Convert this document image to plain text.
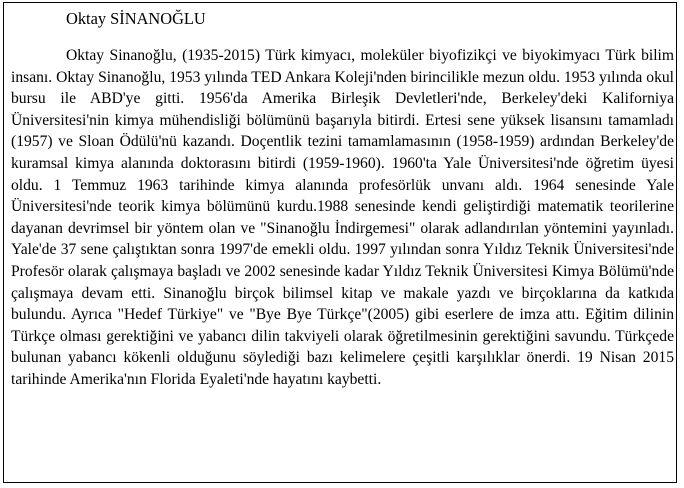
Oktay SİNANOĞLU

Oktay Sinanoğlu, (1935-2015) Türk kimyacı, moleküler biyofizikçi ve biyokimyacı Türk bilim insanı. Oktay Sinanoğlu, 1953 yılında TED Ankara Koleji'nden birincilikle mezun oldu. 1953 yılında okul bursu ile ABD'ye gitti. 1956'da Amerika Birleşik Devletleri'nde, Berkeley'deki Kaliforniya Üniversitesi'nin kimya mühendisliği bölümünü başarıyla bitirdi. Ertesi sene yüksek lisansını tamamladı (1957) ve Sloan Ödülü'nü kazandı. Doçentlik tezini tamamlamasının (1958-1959) ardından Berkeley'de kuramsal kimya alanında doktorasını bitirdi (1959-1960). 1960'ta Yale Üniversitesi'nde öğretim üyesi oldu. 1 Temmuz 1963 tarihinde kimya alanında profesörlük unvanı aldı. 1964 senesinde Yale Üniversitesi'nde teorik kimya bölümünü kurdu.1988 senesinde kendi geliştirdiği matematik teorilerine dayanan devrimsel bir yöntem olan ve "Sinanoğlu İndirgemesi" olarak adlandırılan yöntemini yayınladı. Yale'de 37 sene çalıştıktan sonra 1997'de emekli oldu. 1997 yılından sonra Yıldız Teknik Üniversitesi'nde Profesör olarak çalışmaya başladı ve 2002 senesinde kadar Yıldız Teknik Üniversitesi Kimya Bölümü'nde çalışmaya devam etti. Sinanoğlu birçok bilimsel kitap ve makale yazdı ve birçoklarına da katkıda bulundu. Ayrıca "Hedef Türkiye" ve "Bye Bye Türkçe"(2005) gibi eserlere de imza attı. Eğitim dilinin Türkçe olması gerektiğini ve yabancı dilin takviyeli olarak öğretilmesinin gerektiğini savundu. Türkçede bulunan yabancı kökenli olduğunu söylediği bazı kelimelere çeşitli karşılıklar önerdi. 19 Nisan 2015 tarihinde Amerika'nın Florida Eyaleti'nde hayatını kaybetti.
